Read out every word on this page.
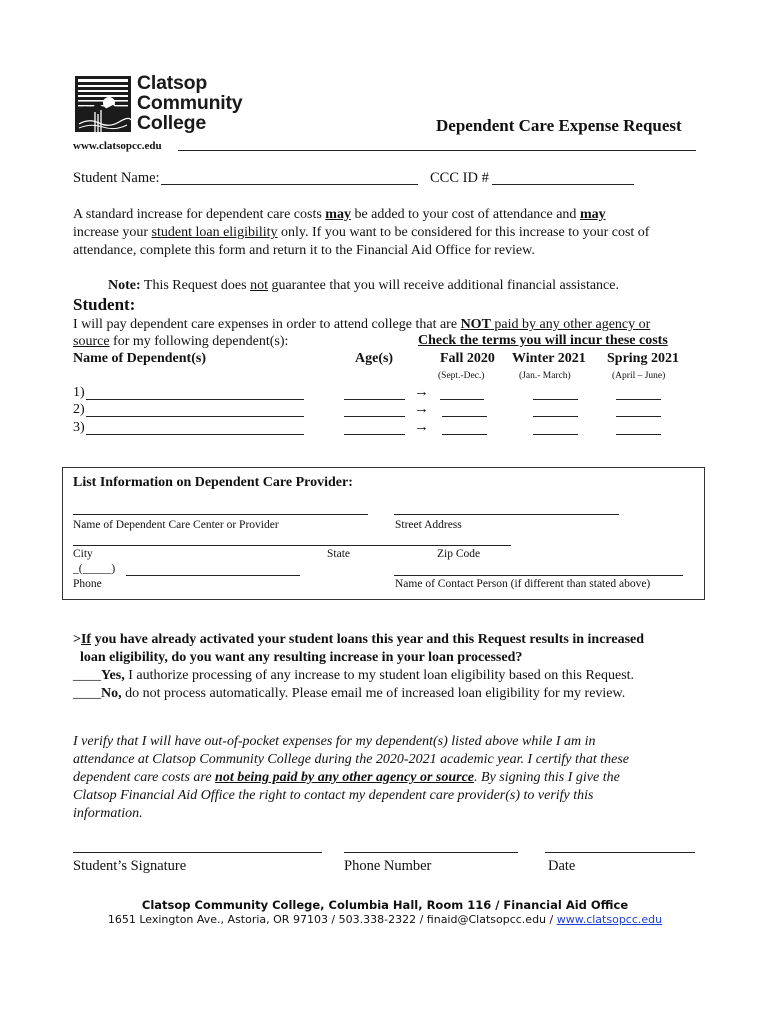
Clatsop
Community
College	Dependent Care Expense Request
www.clatsopcc.edu
Student Name:	CCC ID #
A standard increase for dependent care costs may be added to your cost of attendance and may
increase your student loan eligibility only. If you want to be considered for this increase to your cost of
attendance, complete this form and return it to the Financial Aid Office for review.
Note: This Request does not guarantee that you will receive additional financial assistance.
Student:
I will pay dependent care expenses in order to attend college that are NOT paid by any other agency or
source for my following dependent(s):	Check the terms you will incur these costs
Name of Dependent(s)	Age(s)	Fall 2020 Winter 2021 Spring 2021
(Sept.-Dec.)	(Jan.- March)	(April – June)
1)	→
2)	→
3)	→
List Information on Dependent Care Provider:
Name of Dependent Care Center or Provider	Street Address
City	State	Zip Code
_(_____)
Phone	Name of Contact Person (if different than stated above)
>If you have already activated your student loans this year and this Request results in increased
loan eligibility, do you want any resulting increase in your loan processed?
____Yes, I authorize processing of any increase to my student loan eligibility based on this Request.
____No, do not process automatically. Please email me of increased loan eligibility for my review.
I verify that I will have out-of-pocket expenses for my dependent(s) listed above while I am in
attendance at Clatsop Community College during the 2020-2021 academic year. I certify that these
dependent care costs are not being paid by any other agency or source. By signing this I give the
Clatsop Financial Aid Office the right to contact my dependent care provider(s) to verify this
information.
Student’s Signature	Phone Number	Date
Clatsop Community College, Columbia Hall, Room 116 / Financial Aid Office
1651 Lexington Ave., Astoria, OR 97103 / 503.338-2322 / finaid@Clatsopcc.edu / www.clatsopcc.edu
